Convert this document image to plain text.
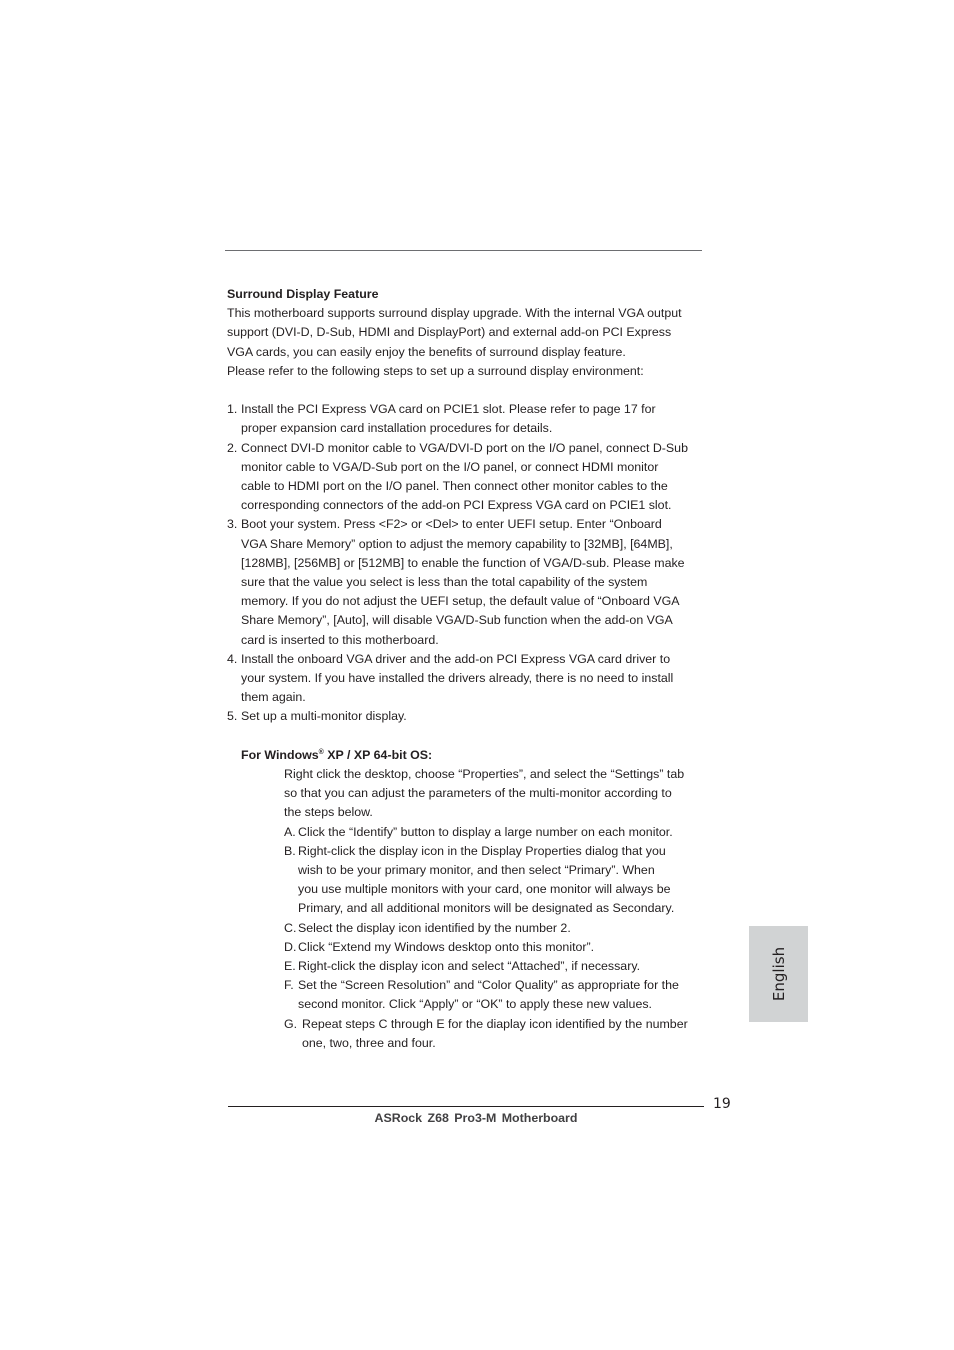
Surround Display Feature
This motherboard supports surround display upgrade. With the internal VGA output
support (DVI-D, D-Sub, HDMI and DisplayPort) and external add-on PCI Express
VGA cards, you can easily enjoy the benefits of surround display feature.
Please refer to the following steps to set up a surround display environment:
1. Install the PCI Express VGA card on PCIE1 slot. Please refer to page 17 for
proper expansion card installation procedures for details.
2. Connect DVI-D monitor cable to VGA/DVI-D port on the I/O panel, connect D-Sub
monitor cable to VGA/D-Sub port on the I/O panel, or connect HDMI monitor
cable to HDMI port on the I/O panel. Then connect other monitor cables to the
corresponding connectors of the add-on PCI Express VGA card on PCIE1 slot.
3. Boot your system. Press <F2> or <Del> to enter UEFI setup. Enter “Onboard
VGA Share Memory” option to adjust the memory capability to [32MB], [64MB],
[128MB], [256MB] or [512MB] to enable the function of VGA/D-sub. Please make
sure that the value you select is less than the total capability of the system
memory. If you do not adjust the UEFI setup, the default value of “Onboard VGA
Share Memory”, [Auto], will disable VGA/D-Sub function when the add-on VGA
card is inserted to this motherboard.
4. Install the onboard VGA driver and the add-on PCI Express VGA card driver to
your system. If you have installed the drivers already, there is no need to install
them again.
5. Set up a multi-monitor display.
For Windows® XP / XP 64-bit OS:
Right click the desktop, choose “Properties”, and select the “Settings” tab
so that you can adjust the parameters of the multi-monitor according to
the steps below.
A. Click the “Identify” button to display a large number on each monitor.
B. Right-click the display icon in the Display Properties dialog that you
wish to be your primary monitor, and then select “Primary”. When
you use multiple monitors with your card, one monitor will always be
Primary, and all additional monitors will be designated as Secondary.
C. Select the display icon identified by the number 2.
D. Click “Extend my Windows desktop onto this monitor”.
E. Right-click the display icon and select “Attached”, if necessary.
F. Set the “Screen Resolution” and “Color Quality” as appropriate for the
second monitor. Click “Apply” or “OK” to apply these new values.
G. Repeat steps C through E for the diaplay icon identified by the number
one, two, three and four.
English
19
ASRock Z68 Pro3-M Motherboard
